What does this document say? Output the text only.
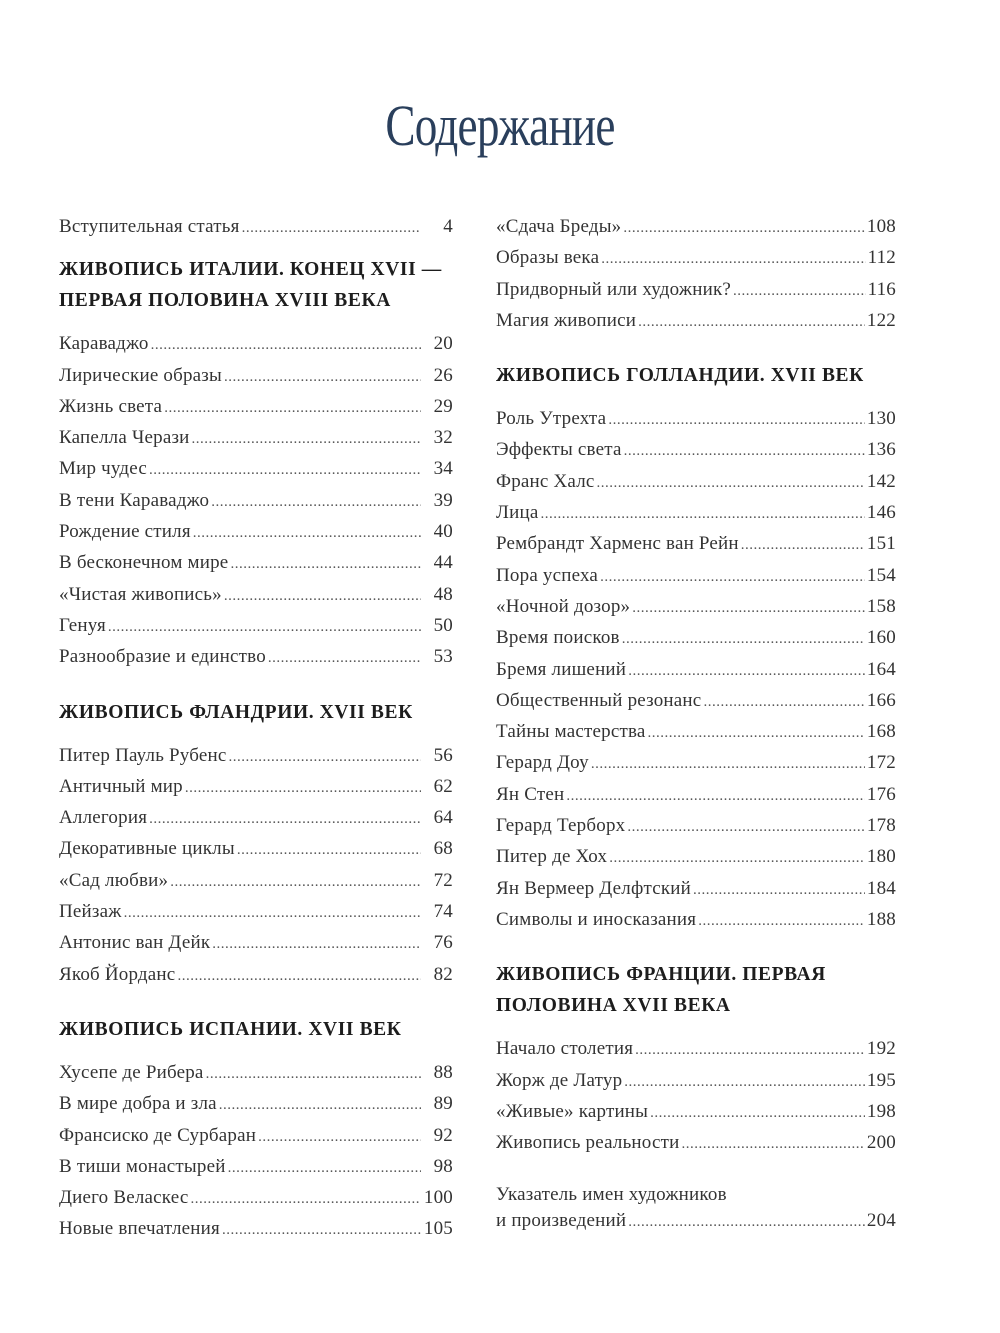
Содержание
Вступительная статья .....	4
ЖИВОПИСЬ ИТАЛИИ. КОНЕЦ XVII —
ПЕРВАЯ ПОЛОВИНА XVIII ВЕКА
Караваджо .....	20
Лирические образы .....	26
Жизнь света .....	29
Капелла Черази .....	32
Мир чудес .....	34
В тени Караваджо .....	39
Рождение стиля .....	40
В бесконечном мире .....	44
«Чистая живопись» .....	48
Генуя .....	50
Разнообразие и единство .....	53
ЖИВОПИСЬ ФЛАНДРИИ. XVII ВЕК
Питер Пауль Рубенс .....	56
Античный мир .....	62
Аллегория .....	64
Декоративные циклы .....	68
«Сад любви» .....	72
Пейзаж .....	74
Антонис ван Дейк .....	76
Якоб Йорданс .....	82
ЖИВОПИСЬ ИСПАНИИ. XVII ВЕК
Хусепе де Рибера .....	88
В мире добра и зла .....	89
Франсиско де Сурбаран .....	92
В тиши монастырей .....	98
Диего Веласкес .....	100
Новые впечатления .....	105
«Сдача Бреды» .....	108
Образы века .....	112
Придворный или художник? .....	116
Магия живописи .....	122
ЖИВОПИСЬ ГОЛЛАНДИИ. XVII ВЕК
Роль Утрехта .....	130
Эффекты света .....	136
Франс Халс .....	142
Лица .....	146
Рембрандт Харменс ван Рейн .....	151
Пора успеха .....	154
«Ночной дозор» .....	158
Время поисков .....	160
Бремя лишений .....	164
Общественный резонанс .....	166
Тайны мастерства .....	168
Герард Доу .....	172
Ян Стен .....	176
Герард Терборх .....	178
Питер де Хох .....	180
Ян Вермеер Делфтский .....	184
Символы и иносказания .....	188
ЖИВОПИСЬ ФРАНЦИИ. ПЕРВАЯ
ПОЛОВИНА XVII ВЕКА
Начало столетия .....	192
Жорж де Латур .....	195
«Живые» картины .....	198
Живопись реальности .....	200
Указатель имен художников
и произведений .....	204
